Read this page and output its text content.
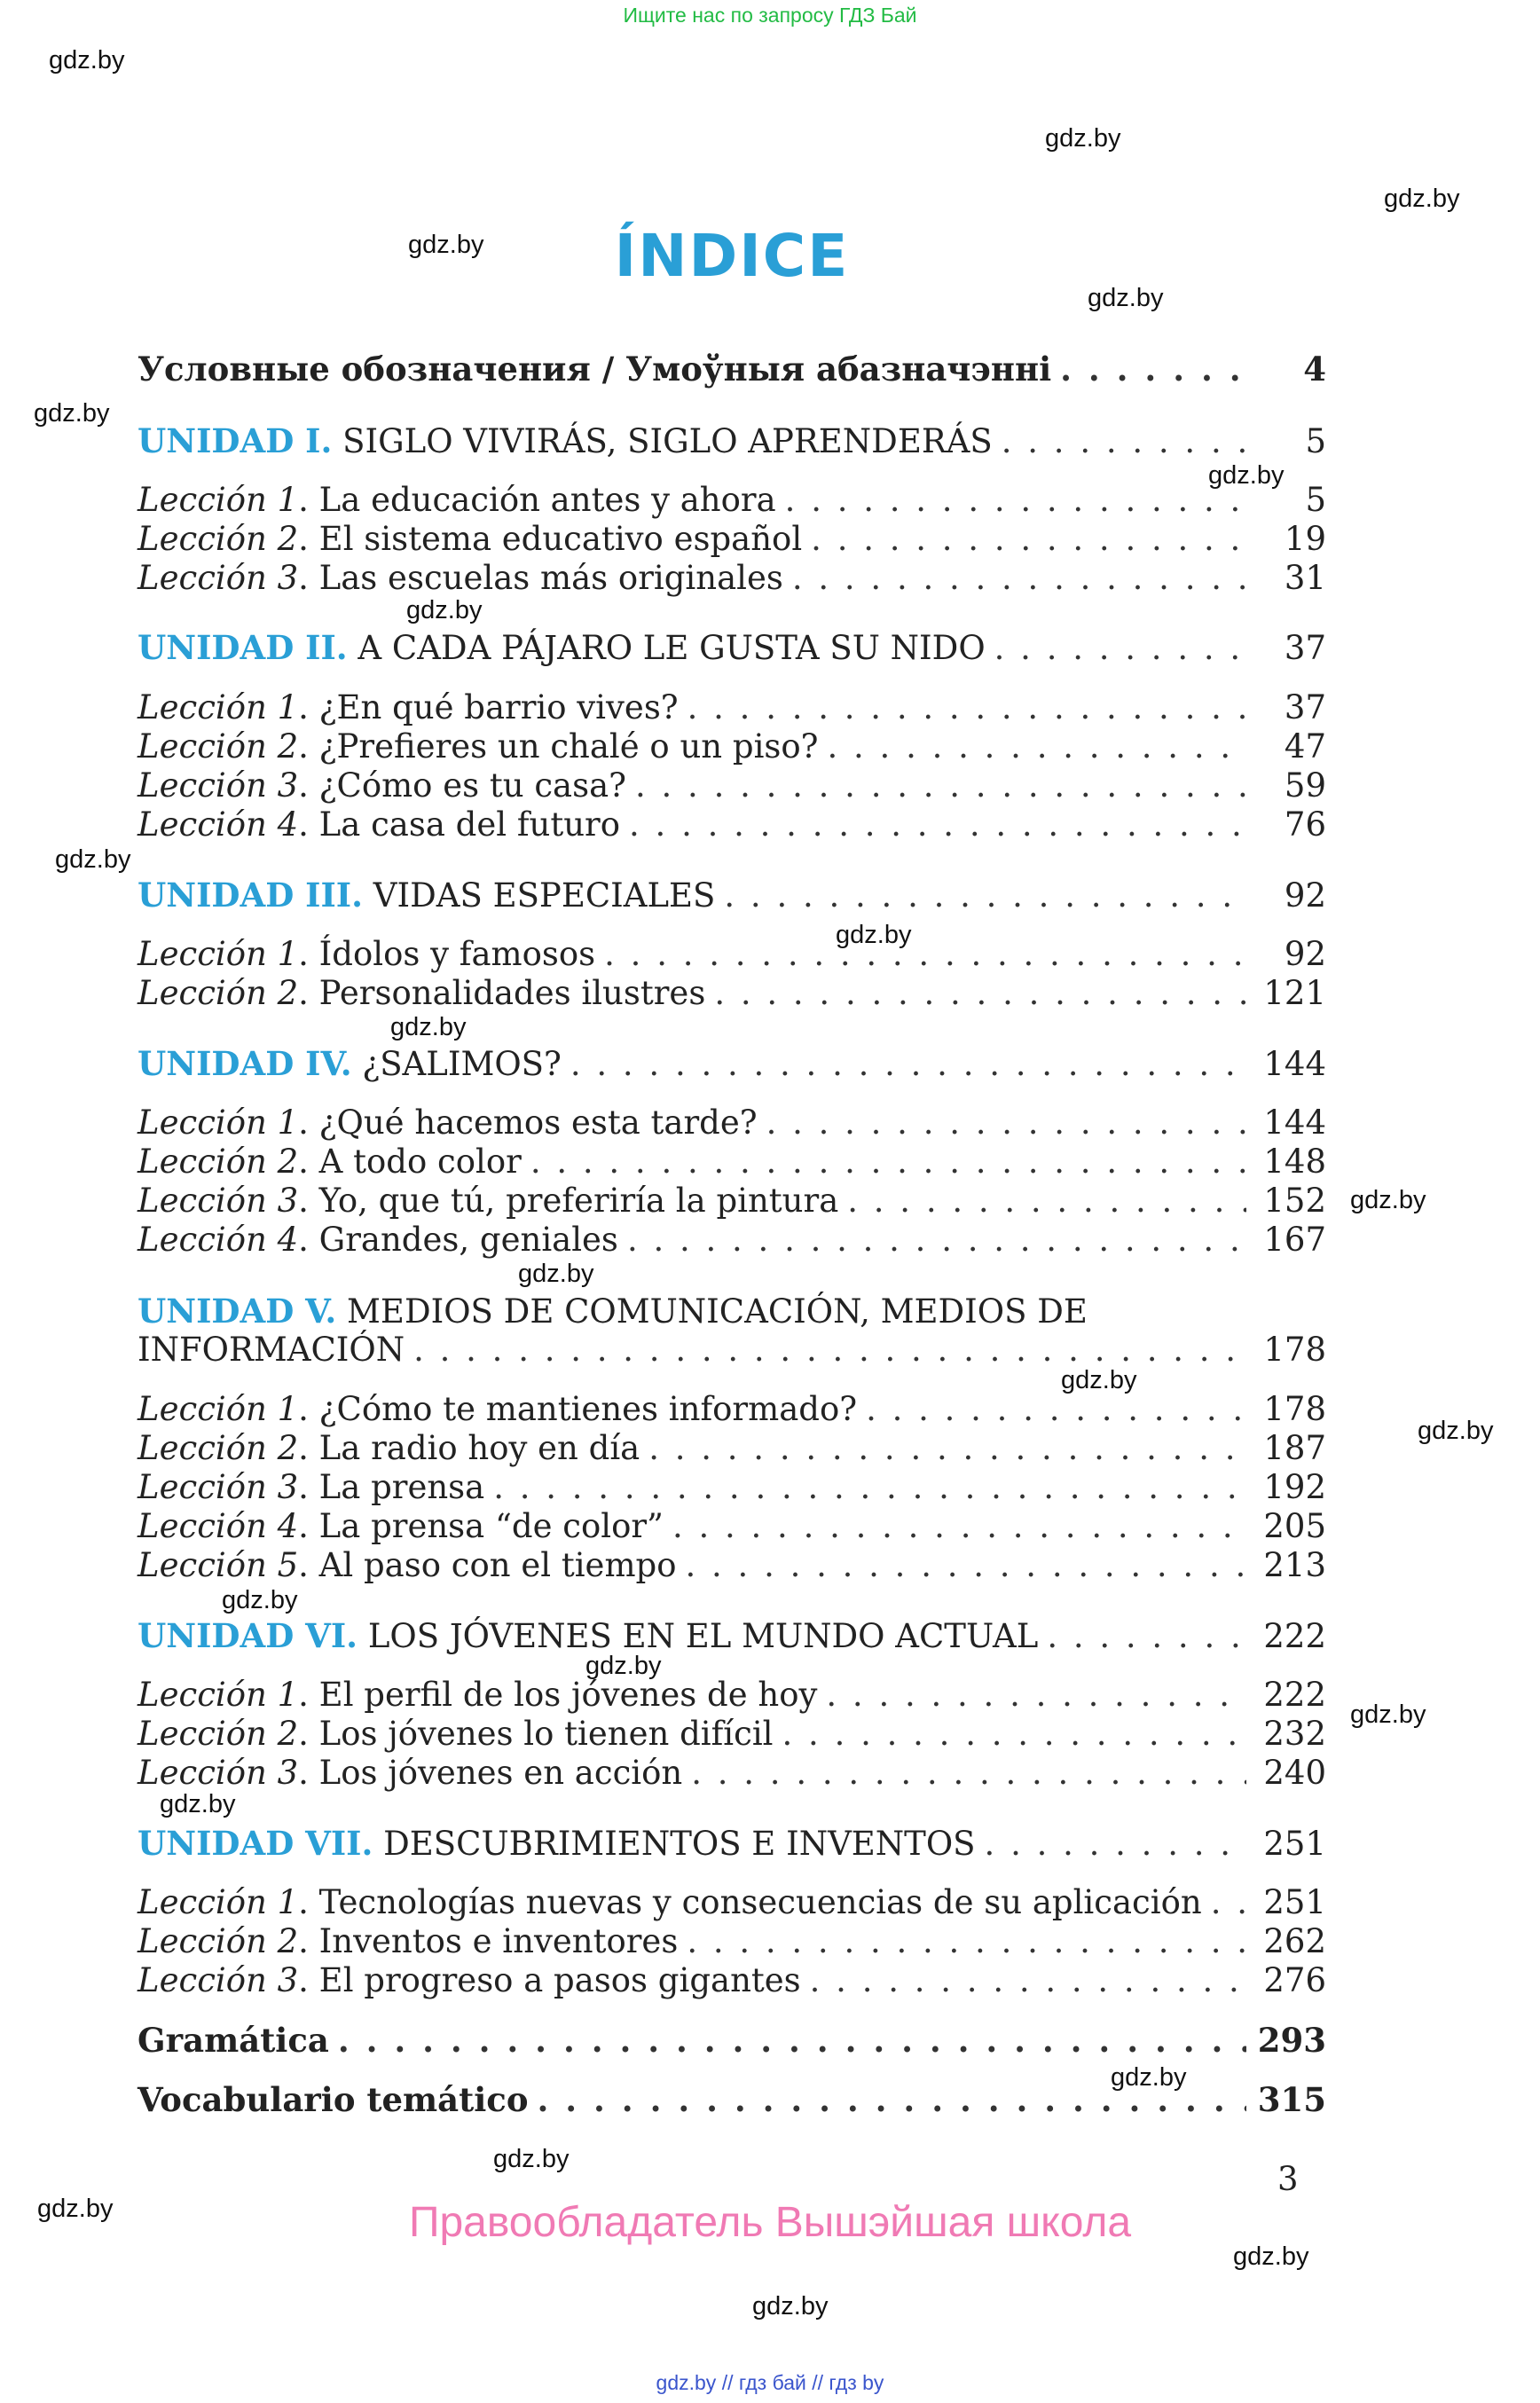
Ищите нас по запросу ГДЗ Бай
gdz.by
gdz.by
gdz.by
gdz.by
gdz.by
gdz.by
gdz.by
gdz.by
gdz.by
gdz.by
gdz.by
gdz.by
gdz.by
gdz.by
gdz.by
gdz.by
gdz.by
gdz.by
gdz.by
gdz.by
gdz.by
gdz.by
gdz.by
gdz.by
ÍNDICE
Условные обозначения / Умоўныя абазначэнні . . .	4
UNIDAD I. SIGLO VIVIRÁS, SIGLO APRENDERÁS . . .	5
Lección 1. La educación antes y ahora . . .	5
Lección 2. El sistema educativo español . . .	19
Lección 3. Las escuelas más originales . . .	31
UNIDAD II. A CADA PÁJARO LE GUSTA SU NIDO . . .	37
Lección 1. ¿En qué barrio vives? . . .	37
Lección 2. ¿Prefieres un chalé o un piso? . . .	47
Lección 3. ¿Cómo es tu casa? . . .	59
Lección 4. La casa del futuro . . .	76
UNIDAD III. VIDAS ESPECIALES . . .	92
Lección 1. Ídolos y famosos . . .	92
Lección 2. Personalidades ilustres . . .	121
UNIDAD IV. ¿SALIMOS? . . .	144
Lección 1. ¿Qué hacemos esta tarde? . . .	144
Lección 2. A todo color . . .	148
Lección 3. Yo, que tú, preferiría la pintura . . .	152
Lección 4. Grandes, geniales . . .	167
UNIDAD V. MEDIOS DE COMUNICACIÓN, MEDIOS DE
INFORMACIÓN . . .	178
Lección 1. ¿Cómo te mantienes informado? . . .	178
Lección 2. La radio hoy en día . . .	187
Lección 3. La prensa . . .	192
Lección 4. La prensa “de color” . . .	205
Lección 5. Al paso con el tiempo . . .	213
UNIDAD VI. LOS JÓVENES EN EL MUNDO ACTUAL . . .	222
Lección 1. El perfil de los jóvenes de hoy . . .	222
Lección 2. Los jóvenes lo tienen difícil . . .	232
Lección 3. Los jóvenes en acción . . .	240
UNIDAD VII. DESCUBRIMIENTOS E INVENTOS . . .	251
Lección 1. Tecnologías nuevas y consecuencias de su aplicación . . . 251
Lección 2. Inventos e inventores . . .	262
Lección 3. El progreso a pasos gigantes . . .	276
Gramática . . .	293
Vocabulario temático . . .	315
3
Правообладатель Вышэйшая школа
gdz.by // гдз бай // гдз by
